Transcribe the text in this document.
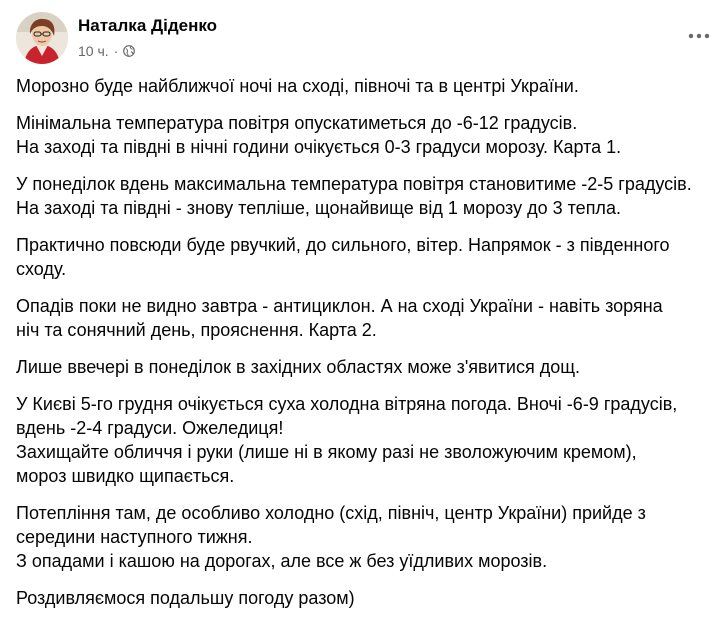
Наталка Діденко
10 ч. ·
Морозно буде найближчої ночі на сході, півночі та в центрі України.
Мінімальна температура повітря опускатиметься до -6-12 градусів.
На заході та півдні в нічні години очікується 0-3 градуси морозу. Карта 1.
У понеділок вдень максимальна температура повітря становитиме -2-5 градусів.
На заході та півдні - знову тепліше, щонайвище від 1 морозу до 3 тепла.
Практично повсюди буде рвучкий, до сильного, вітер. Напрямок - з південного
сходу.
Опадів поки не видно завтра - антициклон. А на сході України - навіть зоряна
ніч та сонячний день, прояснення. Карта 2.
Лише ввечері в понеділок в західних областях може з'явитися дощ.
У Києві 5-го грудня очікується суха холодна вітряна погода. Вночі -6-9 градусів,
вдень -2-4 градуси. Ожеледиця!
Захищайте обличчя і руки (лише ні в якому разі не зволожуючим кремом),
мороз швидко щипається.
Потепління там, де особливо холодно (схід, північ, центр України) прийде з
середини наступного тижня.
З опадами і кашою на дорогах, але все ж без уїдливих морозів.
Роздивляємося подальшу погоду разом)
